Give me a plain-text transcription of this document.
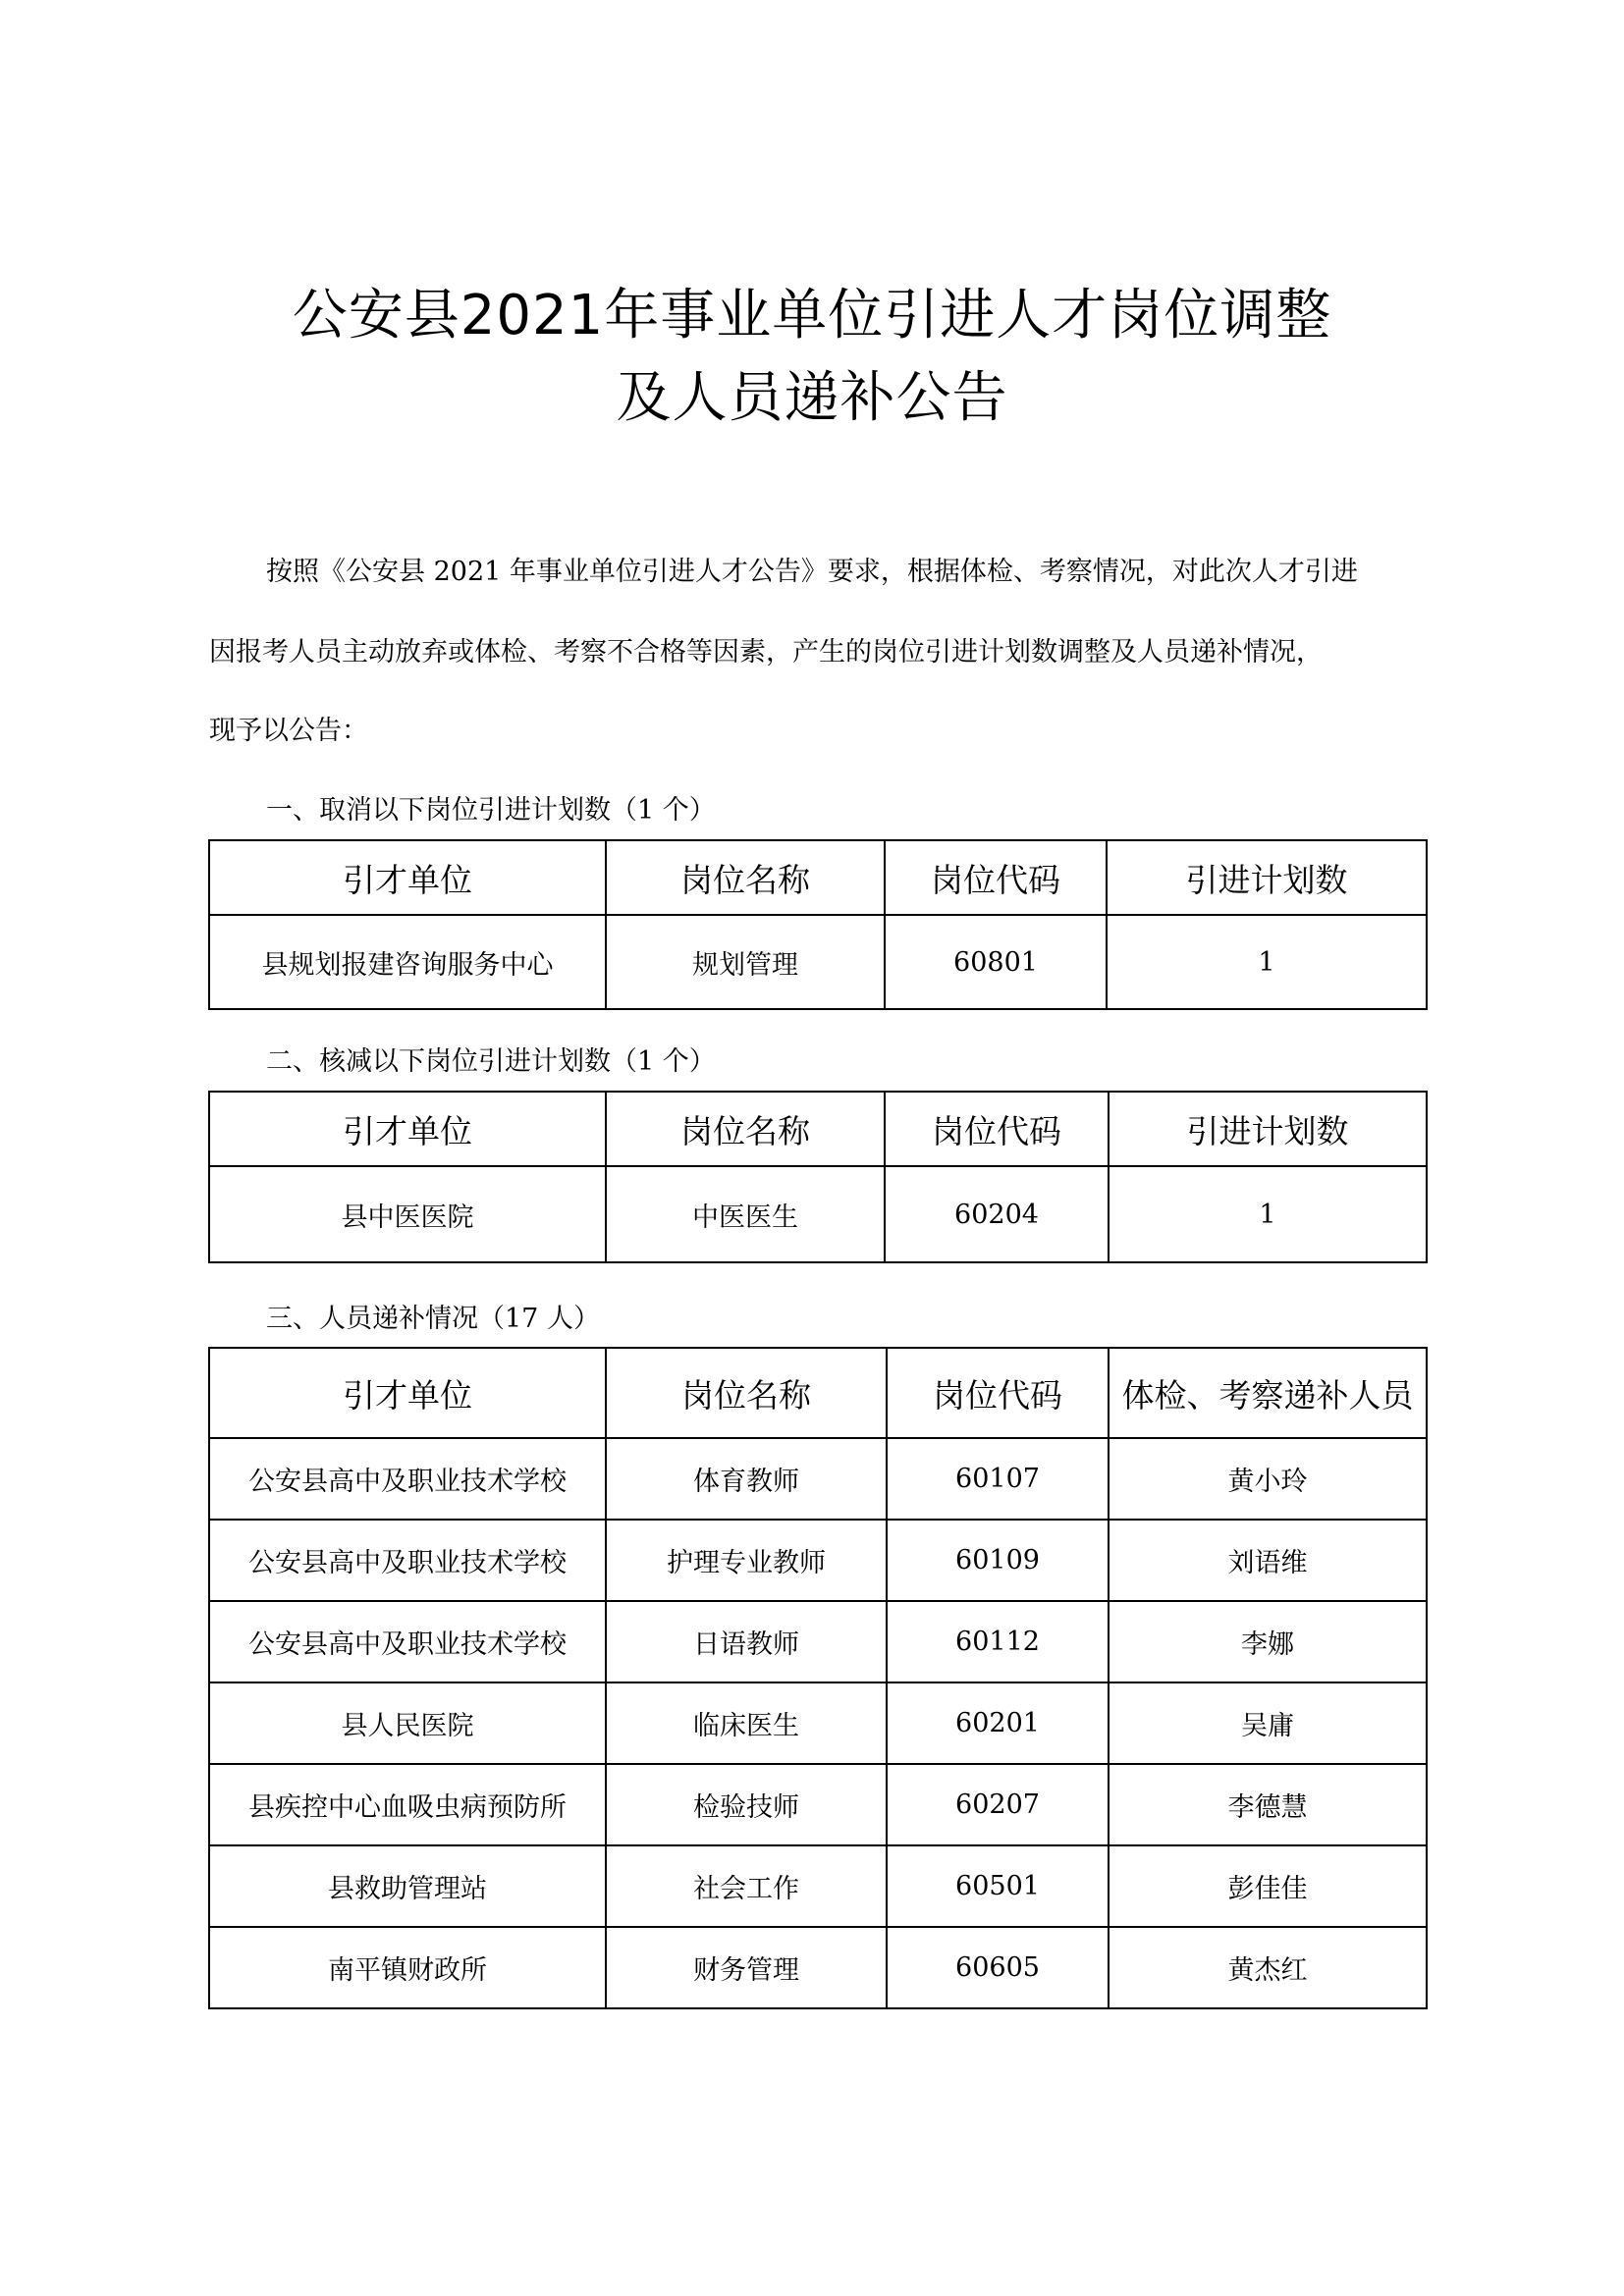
公安县2021年事业单位引进人才岗位调整
及人员递补公告
按照《公安县 2021 年事业单位引进人才公告》要求，根据体检、考察情况，对此次人才引进
因报考人员主动放弃或体检、考察不合格等因素，产生的岗位引进计划数调整及人员递补情况，
现予以公告：
一、取消以下岗位引进计划数（1 个）
引才单位	岗位名称	岗位代码	引进计划数
县规划报建咨询服务中心	规划管理	60801	1
二、核减以下岗位引进计划数（1 个）
引才单位	岗位名称	岗位代码	引进计划数
县中医医院	中医医生	60204	1
三、人员递补情况（17 人）
引才单位	岗位名称	岗位代码	体检、考察递补人员
公安县高中及职业技术学校	体育教师	60107	黄小玲
公安县高中及职业技术学校	护理专业教师	60109	刘语维
公安县高中及职业技术学校	日语教师	60112	李娜
县人民医院	临床医生	60201	吴庸
县疾控中心血吸虫病预防所	检验技师	60207	李德慧
县救助管理站	社会工作	60501	彭佳佳
南平镇财政所	财务管理	60605	黄杰红
